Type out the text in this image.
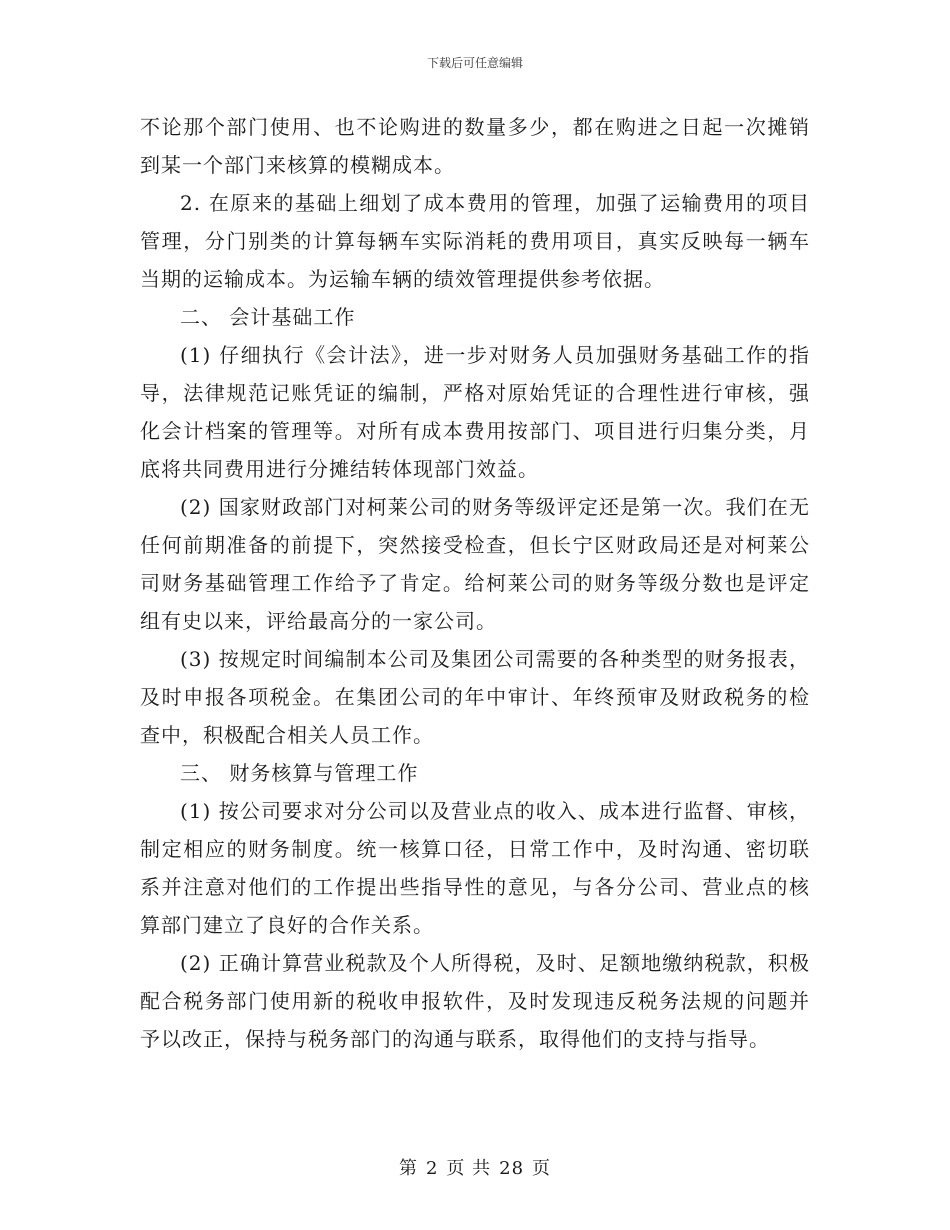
下载后可任意编辑

不论那个部门使用、也不论购进的数量多少，都在购进之日起一次摊销到某一个部门来核算的模糊成本。

2. 在原来的基础上细划了成本费用的管理，加强了运输费用的项目管理，分门别类的计算每辆车实际消耗的费用项目，真实反映每一辆车当期的运输成本。为运输车辆的绩效管理提供参考依据。

二、 会计基础工作

(1) 仔细执行《会计法》，进一步对财务人员加强财务基础工作的指导，法律规范记账凭证的编制，严格对原始凭证的合理性进行审核，强化会计档案的管理等。对所有成本费用按部门、项目进行归集分类，月底将共同费用进行分摊结转体现部门效益。

(2) 国家财政部门对柯莱公司的财务等级评定还是第一次。我们在无任何前期准备的前提下，突然接受检查，但长宁区财政局还是对柯莱公司财务基础管理工作给予了肯定。给柯莱公司的财务等级分数也是评定组有史以来，评给最高分的一家公司。

(3) 按规定时间编制本公司及集团公司需要的各种类型的财务报表，及时申报各项税金。在集团公司的年中审计、年终预审及财政税务的检查中，积极配合相关人员工作。

三、 财务核算与管理工作

(1) 按公司要求对分公司以及营业点的收入、成本进行监督、审核，制定相应的财务制度。统一核算口径，日常工作中，及时沟通、密切联系并注意对他们的工作提出些指导性的意见，与各分公司、营业点的核算部门建立了良好的合作关系。

(2) 正确计算营业税款及个人所得税，及时、足额地缴纳税款，积极配合税务部门使用新的税收申报软件，及时发现违反税务法规的问题并予以改正，保持与税务部门的沟通与联系，取得他们的支持与指导。

第 2 页 共 28 页
